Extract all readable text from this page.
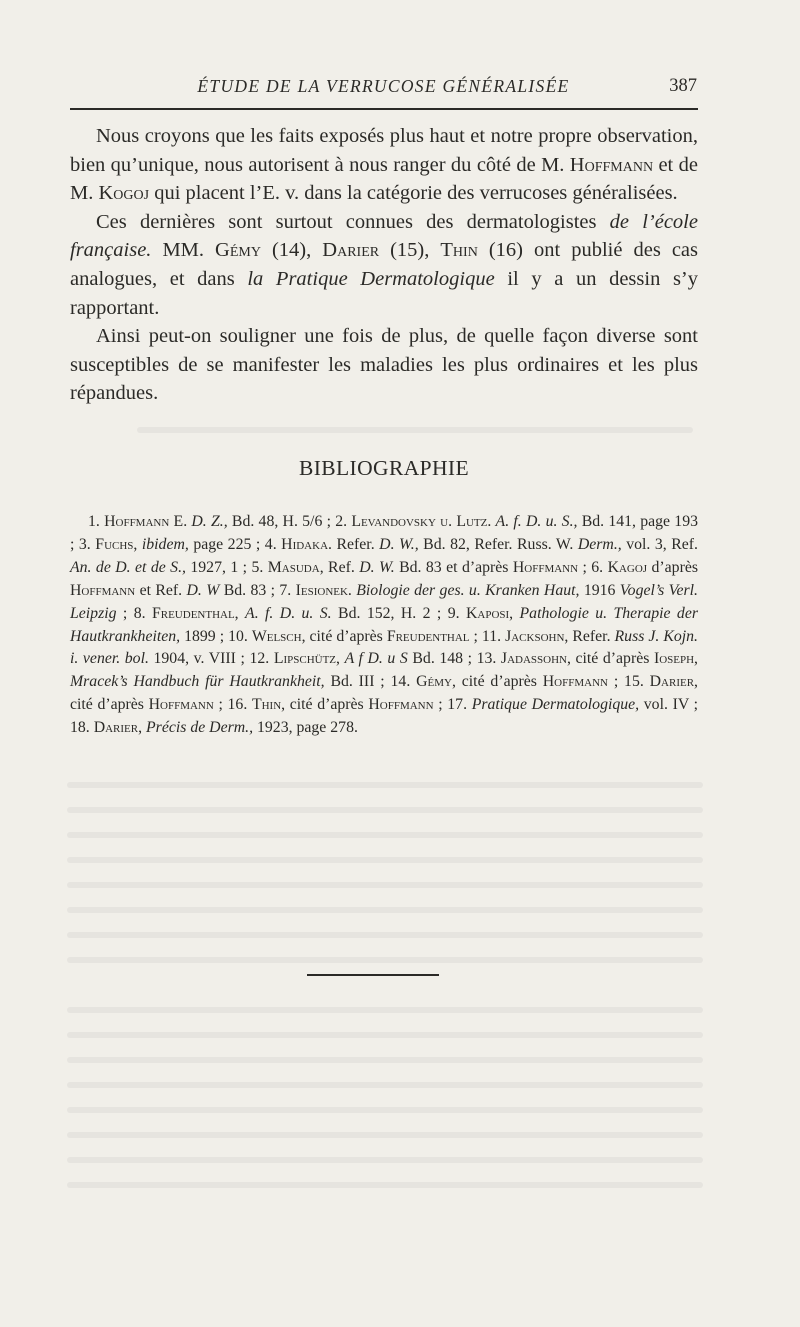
ÉTUDE DE LA VERRUCOSE GÉNÉRALISÉE	387

Nous croyons que les faits exposés plus haut et notre propre observation, bien qu’unique, nous autorisent à nous ranger du côté de M. Hoffmann et de M. Kogoj qui placent l’E. v. dans la catégorie des verrucoses généralisées.

Ces dernières sont surtout connues des dermatologistes de l’école française. MM. Gémy (14), Darier (15), Thin (16) ont publié des cas analogues, et dans la Pratique Dermatologique il y a un dessin s’y rapportant.

Ainsi peut-on souligner une fois de plus, de quelle façon diverse sont susceptibles de se manifester les maladies les plus ordinaires et les plus répandues.

BIBLIOGRAPHIE

1. Hoffmann E. D. Z., Bd. 48, H. 5/6 ; 2. Levandovsky u. Lutz. A. f. D. u. S., Bd. 141, page 193 ; 3. Fuchs, ibidem, page 225 ; 4. Hidaka. Refer. D. W., Bd. 82, Refer. Russ. W. Derm., vol. 3, Ref. An. de D. et de S., 1927, 1 ; 5. Masuda, Ref. D. W. Bd. 83 et d’après Hoffmann ; 6. Kagoj d’après Hoffmann et Ref. D. W Bd. 83 ; 7. Iesionek. Biologie der ges. u. Kranken Haut, 1916 Vogel’s Verl. Leipzig ; 8. Freudenthal, A. f. D. u. S. Bd. 152, H. 2 ; 9. Kaposi, Pathologie u. Therapie der Hautkrankheiten, 1899 ; 10. Welsch, cité d’après Freudenthal ; 11. Jacksohn, Refer. Russ J. Kojn. i. vener. bol. 1904, v. VIII ; 12. Lipschütz, A f D. u S Bd. 148 ; 13. Jadassohn, cité d’après Ioseph, Mracek’s Handbuch für Hautkrankheit, Bd. III ; 14. Gémy, cité d’après Hoffmann ; 15. Darier, cité d’après Hoffmann ; 16. Thin, cité d’après Hoffmann ; 17. Pratique Dermatologique, vol. IV ; 18. Darier, Précis de Derm., 1923, page 278.
